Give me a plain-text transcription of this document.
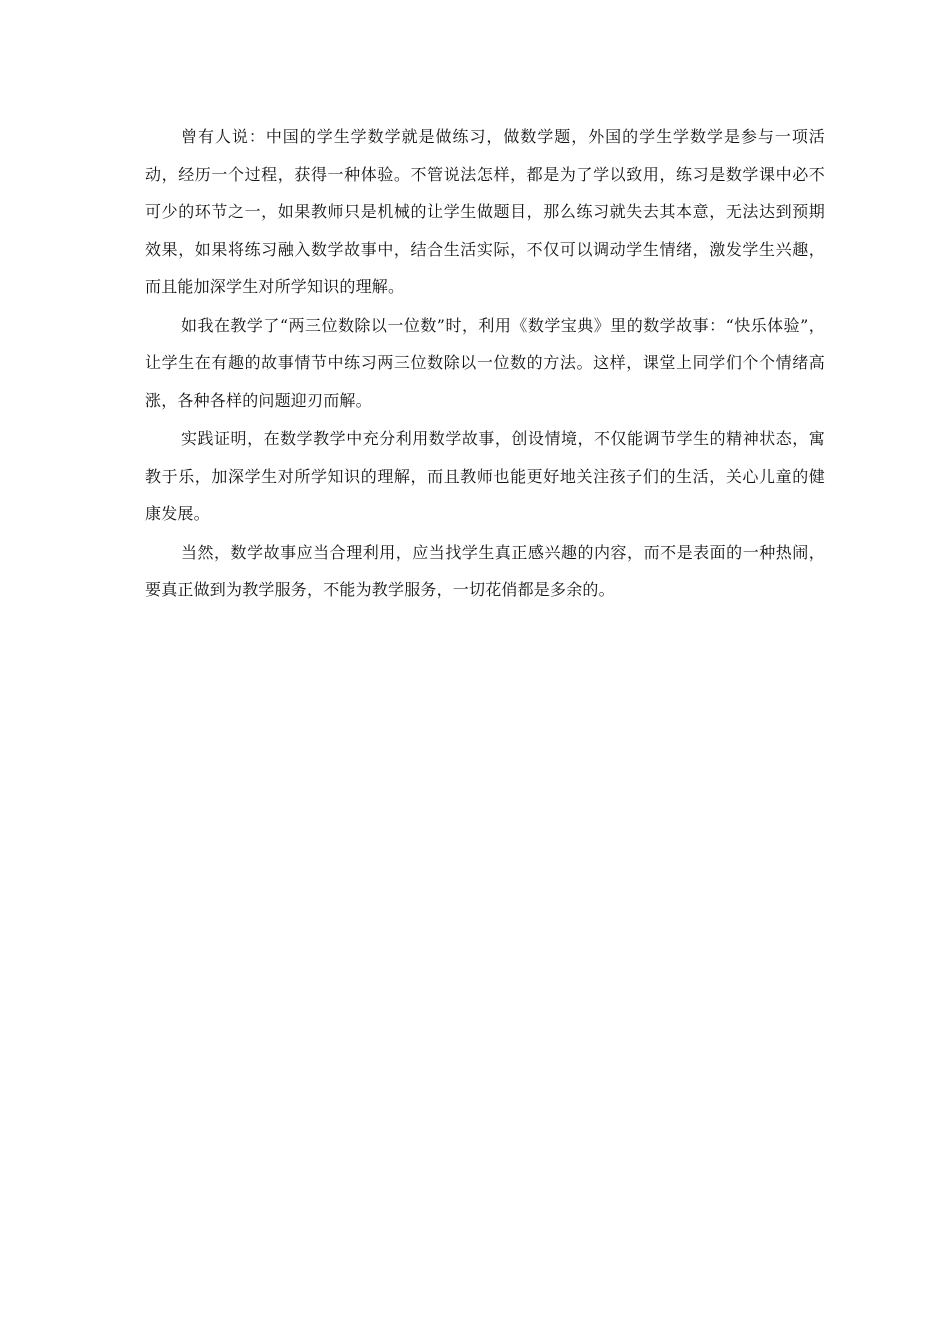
曾有人说：中国的学生学数学就是做练习，做数学题，外国的学生学数学是参与一项活动，经历一个过程，获得一种体验。不管说法怎样，都是为了学以致用，练习是数学课中必不可少的环节之一，如果教师只是机械的让学生做题目，那么练习就失去其本意，无法达到预期效果，如果将练习融入数学故事中，结合生活实际，不仅可以调动学生情绪，激发学生兴趣，而且能加深学生对所学知识的理解。

如我在教学了“两三位数除以一位数”时，利用《数学宝典》里的数学故事：“快乐体验”，让学生在有趣的故事情节中练习两三位数除以一位数的方法。这样，课堂上同学们个个情绪高涨，各种各样的问题迎刃而解。

实践证明，在数学教学中充分利用数学故事，创设情境，不仅能调节学生的精神状态，寓教于乐，加深学生对所学知识的理解，而且教师也能更好地关注孩子们的生活，关心儿童的健康发展。

当然，数学故事应当合理利用，应当找学生真正感兴趣的内容，而不是表面的一种热闹，要真正做到为教学服务，不能为教学服务，一切花俏都是多余的。
